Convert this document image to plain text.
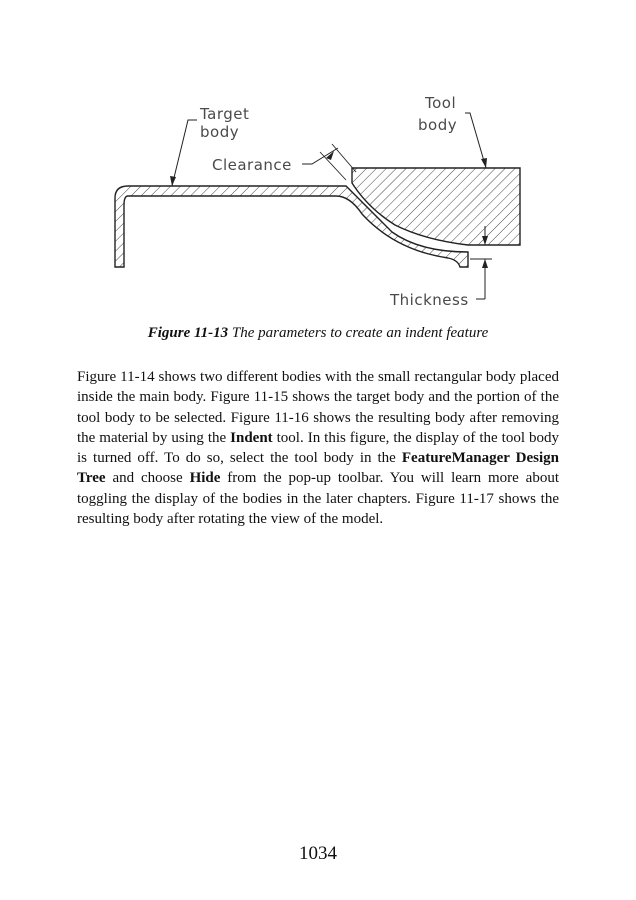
Target
body
Tool
body
Clearance
Thickness
Figure 11-13 The parameters to create an indent feature

Figure 11-14 shows two different bodies with the small rectangular body placed inside the main body. Figure 11-15 shows the target body and the portion of the tool body to be selected. Figure 11-16 shows the resulting body after removing the material by using the Indent tool. In this figure, the display of the tool body is turned off. To do so, select the tool body in the FeatureManager Design Tree and choose Hide from the pop-up toolbar. You will learn more about toggling the display of the bodies in the later chapters. Figure 11-17 shows the resulting body after rotating the view of the model.

1034
